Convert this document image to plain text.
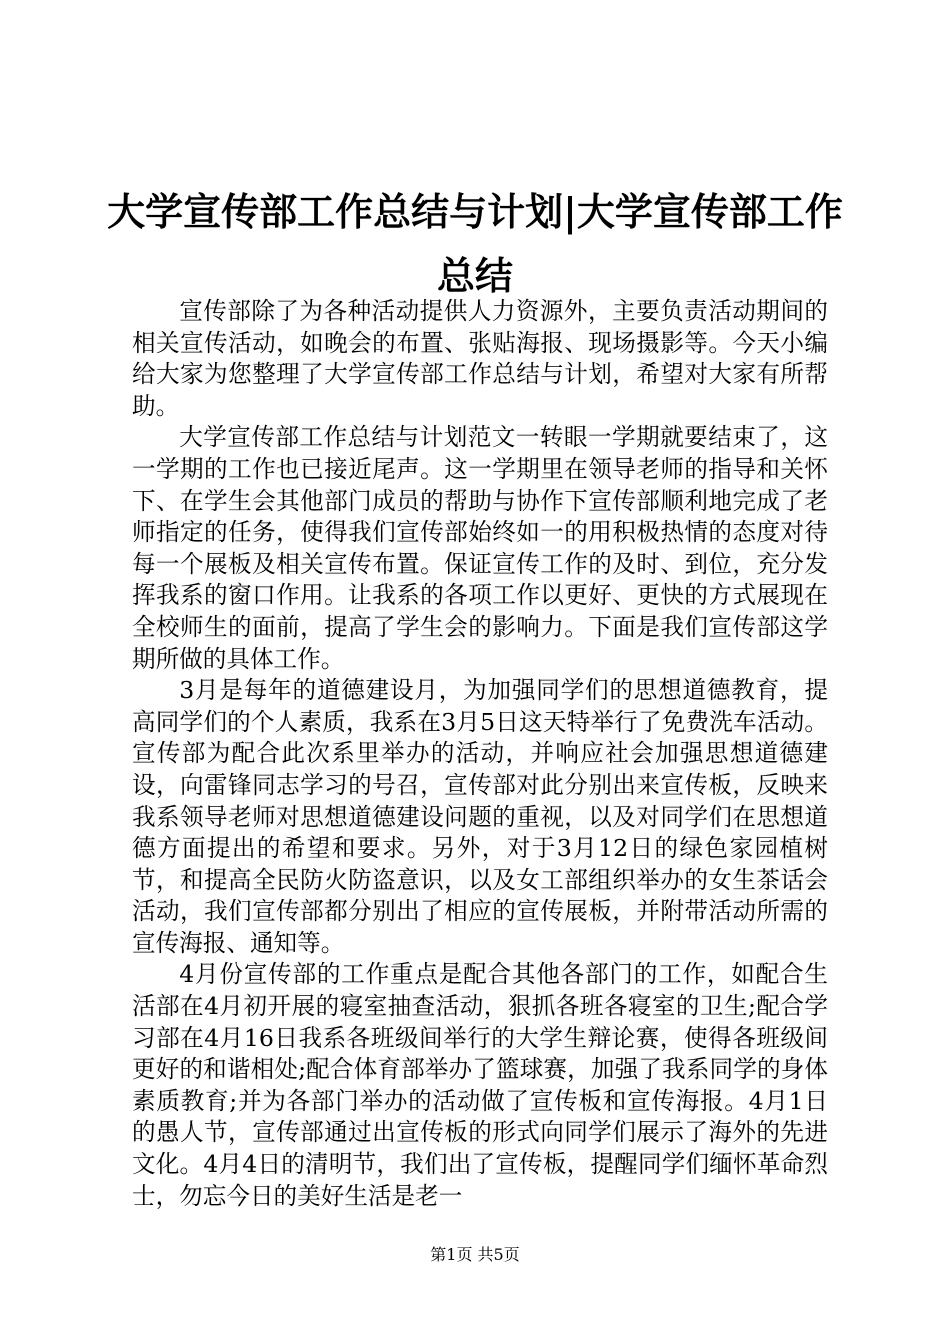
大学宣传部工作总结与计划|大学宣传部工作总结

宣传部除了为各种活动提供人力资源外，主要负责活动期间的相关宣传活动，如晚会的布置、张贴海报、现场摄影等。今天小编给大家为您整理了大学宣传部工作总结与计划，希望对大家有所帮助。

大学宣传部工作总结与计划范文一转眼一学期就要结束了，这一学期的工作也已接近尾声。这一学期里在领导老师的指导和关怀下、在学生会其他部门成员的帮助与协作下宣传部顺利地完成了老师指定的任务，使得我们宣传部始终如一的用积极热情的态度对待每一个展板及相关宣传布置。保证宣传工作的及时、到位，充分发挥我系的窗口作用。让我系的各项工作以更好、更快的方式展现在全校师生的面前，提高了学生会的影响力。下面是我们宣传部这学期所做的具体工作。

3月是每年的道德建设月，为加强同学们的思想道德教育，提高同学们的个人素质，我系在3月5日这天特举行了免费洗车活动。宣传部为配合此次系里举办的活动，并响应社会加强思想道德建设，向雷锋同志学习的号召，宣传部对此分别出来宣传板，反映来我系领导老师对思想道德建设问题的重视，以及对同学们在思想道德方面提出的希望和要求。另外，对于3月12日的绿色家园植树节，和提高全民防火防盗意识，以及女工部组织举办的女生茶话会活动，我们宣传部都分别出了相应的宣传展板，并附带活动所需的宣传海报、通知等。

4月份宣传部的工作重点是配合其他各部门的工作，如配合生活部在4月初开展的寝室抽查活动，狠抓各班各寝室的卫生;配合学习部在4月16日我系各班级间举行的大学生辩论赛，使得各班级间更好的和谐相处;配合体育部举办了篮球赛，加强了我系同学的身体素质教育;并为各部门举办的活动做了宣传板和宣传海报。4月1日的愚人节，宣传部通过出宣传板的形式向同学们展示了海外的先进文化。4月4日的清明节，我们出了宣传板，提醒同学们缅怀革命烈士，勿忘今日的美好生活是老一

第1页 共5页
